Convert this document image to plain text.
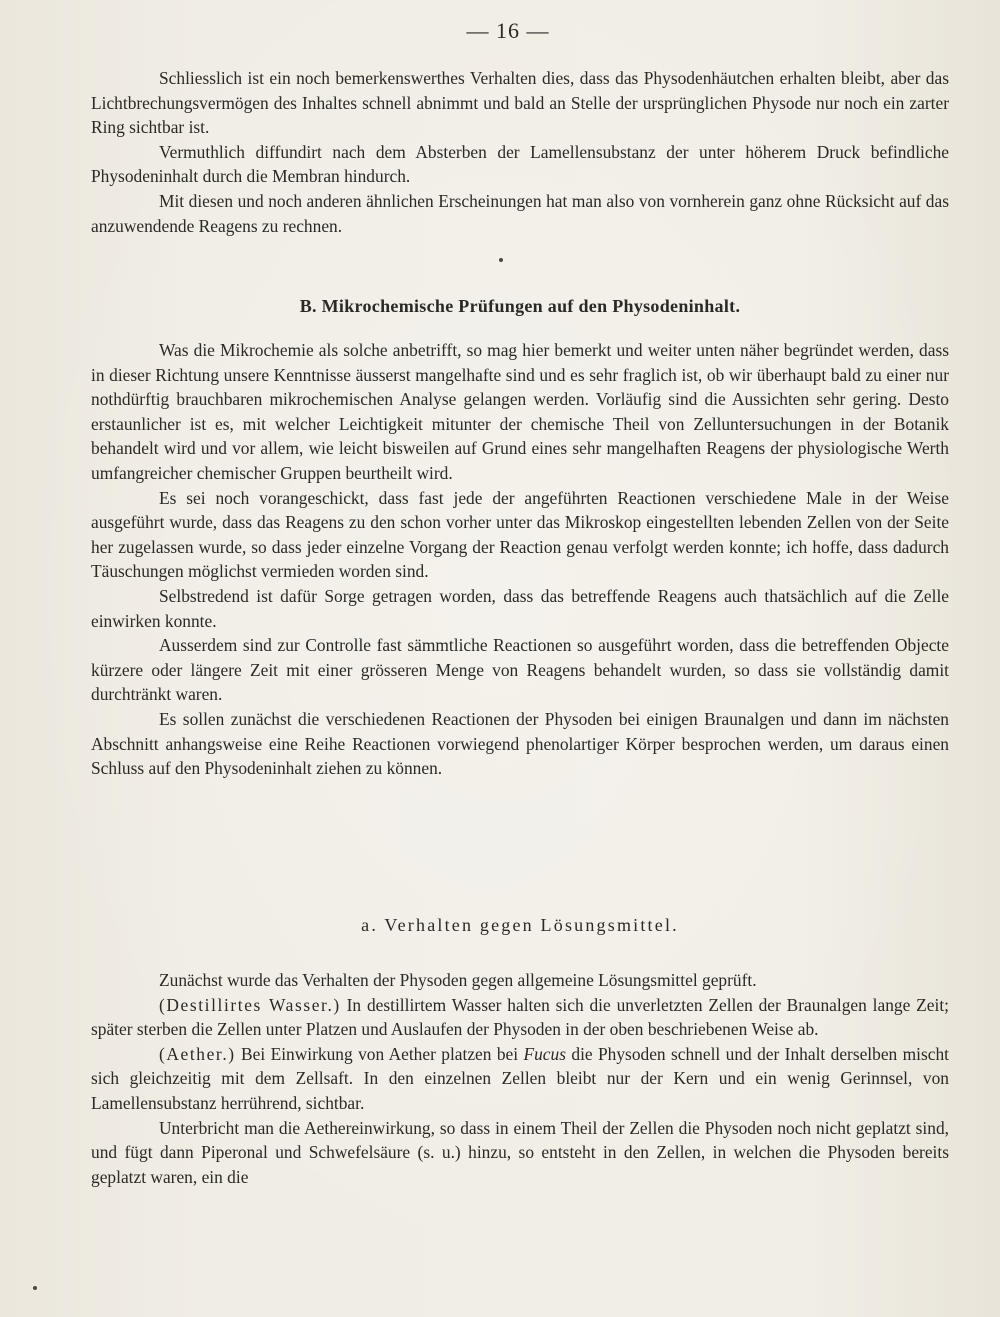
— 16 —

Schliesslich ist ein noch bemerkenswerthes Verhalten dies, dass das Physodenhäutchen erhalten bleibt, aber das Lichtbrechungsvermögen des Inhaltes schnell abnimmt und bald an Stelle der ursprünglichen Physode nur noch ein zarter Ring sichtbar ist.

Vermuthlich diffundirt nach dem Absterben der Lamellensubstanz der unter höherem Druck befindliche Physodeninhalt durch die Membran hindurch.

Mit diesen und noch anderen ähnlichen Erscheinungen hat man also von vornherein ganz ohne Rücksicht auf das anzuwendende Reagens zu rechnen.

B. Mikrochemische Prüfungen auf den Physodeninhalt.

Was die Mikrochemie als solche anbetrifft, so mag hier bemerkt und weiter unten näher begründet werden, dass in dieser Richtung unsere Kenntnisse äusserst mangelhafte sind und es sehr fraglich ist, ob wir überhaupt bald zu einer nur nothdürftig brauchbaren mikrochemischen Analyse gelangen werden. Vorläufig sind die Aussichten sehr gering. Desto erstaunlicher ist es, mit welcher Leichtigkeit mitunter der chemische Theil von Zelluntersuchungen in der Botanik behandelt wird und vor allem, wie leicht bisweilen auf Grund eines sehr mangelhaften Reagens der physiologische Werth umfangreicher chemischer Gruppen beurtheilt wird.

Es sei noch vorangeschickt, dass fast jede der angeführten Reactionen verschiedene Male in der Weise ausgeführt wurde, dass das Reagens zu den schon vorher unter das Mikroskop eingestellten lebenden Zellen von der Seite her zugelassen wurde, so dass jeder einzelne Vorgang der Reaction genau verfolgt werden konnte; ich hoffe, dass dadurch Täuschungen möglichst vermieden worden sind.

Selbstredend ist dafür Sorge getragen worden, dass das betreffende Reagens auch thatsächlich auf die Zelle einwirken konnte.

Ausserdem sind zur Controlle fast sämmtliche Reactionen so ausgeführt worden, dass die betreffenden Objecte kürzere oder längere Zeit mit einer grösseren Menge von Reagens behandelt wurden, so dass sie vollständig damit durchtränkt waren.

Es sollen zunächst die verschiedenen Reactionen der Physoden bei einigen Braunalgen und dann im nächsten Abschnitt anhangsweise eine Reihe Reactionen vorwiegend phenolartiger Körper besprochen werden, um daraus einen Schluss auf den Physodeninhalt ziehen zu können.

a. Verhalten gegen Lösungsmittel.

Zunächst wurde das Verhalten der Physoden gegen allgemeine Lösungsmittel geprüft.

(Destillirtes Wasser.) In destillirtem Wasser halten sich die unverletzten Zellen der Braunalgen lange Zeit; später sterben die Zellen unter Platzen und Auslaufen der Physoden in der oben beschriebenen Weise ab.

(Aether.) Bei Einwirkung von Aether platzen bei Fucus die Physoden schnell und der Inhalt derselben mischt sich gleichzeitig mit dem Zellsaft. In den einzelnen Zellen bleibt nur der Kern und ein wenig Gerinnsel, von Lamellensubstanz herrührend, sichtbar.

Unterbricht man die Aethereinwirkung, so dass in einem Theil der Zellen die Physoden noch nicht geplatzt sind, und fügt dann Piperonal und Schwefelsäure (s. u.) hinzu, so entsteht in den Zellen, in welchen die Physoden bereits geplatzt waren, ein die
